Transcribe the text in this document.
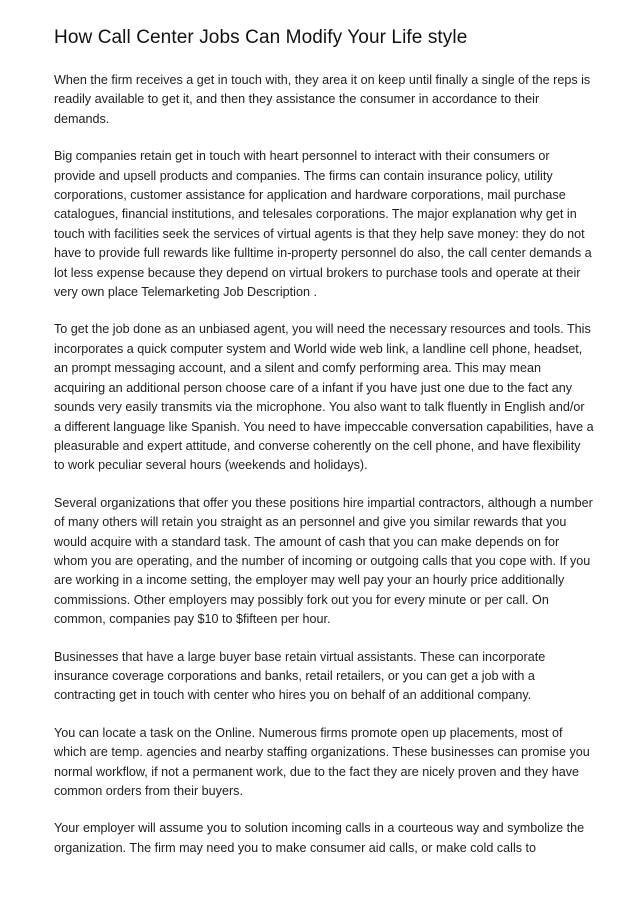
How Call Center Jobs Can Modify Your Life style

When the firm receives a get in touch with, they area it on keep until finally a single of the reps is readily available to get it, and then they assistance the consumer in accordance to their demands.

Big companies retain get in touch with heart personnel to interact with their consumers or provide and upsell products and companies. The firms can contain insurance policy, utility corporations, customer assistance for application and hardware corporations, mail purchase catalogues, financial institutions, and telesales corporations. The major explanation why get in touch with facilities seek the services of virtual agents is that they help save money: they do not have to provide full rewards like fulltime in-property personnel do also, the call center demands a lot less expense because they depend on virtual brokers to purchase tools and operate at their very own place Telemarketing Job Description .

To get the job done as an unbiased agent, you will need the necessary resources and tools. This incorporates a quick computer system and World wide web link, a landline cell phone, headset, an prompt messaging account, and a silent and comfy performing area. This may mean acquiring an additional person choose care of a infant if you have just one due to the fact any sounds very easily transmits via the microphone. You also want to talk fluently in English and/or a different language like Spanish. You need to have impeccable conversation capabilities, have a pleasurable and expert attitude, and converse coherently on the cell phone, and have flexibility to work peculiar several hours (weekends and holidays).

Several organizations that offer you these positions hire impartial contractors, although a number of many others will retain you straight as an personnel and give you similar rewards that you would acquire with a standard task. The amount of cash that you can make depends on for whom you are operating, and the number of incoming or outgoing calls that you cope with. If you are working in a income setting, the employer may well pay your an hourly price additionally commissions. Other employers may possibly fork out you for every minute or per call. On common, companies pay $10 to $fifteen per hour.

Businesses that have a large buyer base retain virtual assistants. These can incorporate insurance coverage corporations and banks, retail retailers, or you can get a job with a contracting get in touch with center who hires you on behalf of an additional company.

You can locate a task on the Online. Numerous firms promote open up placements, most of which are temp. agencies and nearby staffing organizations. These businesses can promise you normal workflow, if not a permanent work, due to the fact they are nicely proven and they have common orders from their buyers.

Your employer will assume you to solution incoming calls in a courteous way and symbolize the organization. The firm may need you to make consumer aid calls, or make cold calls to
